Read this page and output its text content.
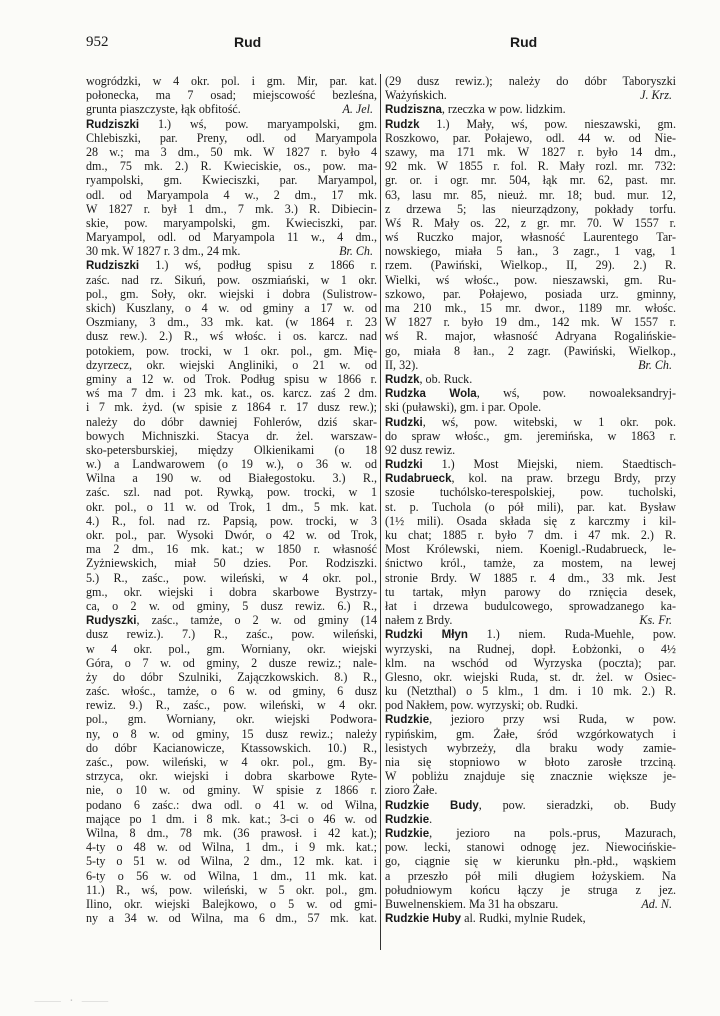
952	Rud	Rud
wogródzki, w 4 okr. pol. i gm. Mir, par. kat.
połonecka, ma 7 osad; miejscowość bezleśna,
grunta piaszczyste, łąk obfitość.	A. Jel.
Rudziszki 1.) wś, pow. maryampolski, gm.
Chlebiszki, par. Preny, odl. od Maryampola
28 w.; ma 3 dm., 50 mk. W 1827 r. było 4
dm., 75 mk. 2.) R. Kwieciskie, os., pow. ma-
ryampolski, gm. Kwieciszki, par. Maryampol,
odl. od Maryampola 4 w., 2 dm., 17 mk.
W 1827 r. był 1 dm., 7 mk. 3.) R. Dibiecin-
skie, pow. maryampolski, gm. Kwieciszki, par.
Maryampol, odl. od Maryampola 11 w., 4 dm.,
30 mk. W 1827 r. 3 dm., 24 mk.	Br. Ch.
Rudziszki 1.) wś, podług spisu z 1866 r.
zaśc. nad rz. Sikuń, pow. oszmiański, w 1 okr.
pol., gm. Soły, okr. wiejski i dobra (Sulistrow-
skich) Kuszlany, o 4 w. od gminy a 17 w. od
Oszmiany, 3 dm., 33 mk. kat. (w 1864 r. 23
dusz rew.). 2.) R., wś włośc. i os. karcz. nad
potokiem, pow. trocki, w 1 okr. pol., gm. Mię-
dzyrzecz, okr. wiejski Angliniki, o 21 w. od
gminy a 12 w. od Trok. Podług spisu w 1866 r.
wś ma 7 dm. i 23 mk. kat., os. karcz. zaś 2 dm.
i 7 mk. żyd. (w spisie z 1864 r. 17 dusz rew.);
należy do dóbr dawniej Fohlerów, dziś skar-
bowych Michniszki. Stacya dr. żel. warszaw-
sko-petersburskiej, między Olkienikami (o 18
w.) a Landwarowem (o 19 w.), o 36 w. od
Wilna a 190 w. od Białegostoku. 3.) R.,
zaśc. szl. nad pot. Rywką, pow. trocki, w 1
okr. pol., o 11 w. od Trok, 1 dm., 5 mk. kat.
4.) R., fol. nad rz. Papsią, pow. trocki, w 3
okr. pol., par. Wysoki Dwór, o 42 w. od Trok,
ma 2 dm., 16 mk. kat.; w 1850 r. własność
Zyżniewskich, miał 50 dzies. Por. Rodziszki.
5.) R., zaśc., pow. wileński, w 4 okr. pol.,
gm., okr. wiejski i dobra skarbowe Bystrzy-
ca, o 2 w. od gminy, 5 dusz rewiz. 6.) R.,
Rudyszki, zaśc., tamże, o 2 w. od gminy (14
dusz rewiz.). 7.) R., zaśc., pow. wileński,
w 4 okr. pol., gm. Worniany, okr. wiejski
Góra, o 7 w. od gminy, 2 dusze rewiz.; nale-
ży do dóbr Szulniki, Zajączkowskich. 8.) R.,
zaśc. włośc., tamże, o 6 w. od gminy, 6 dusz
rewiz. 9.) R., zaśc., pow. wileński, w 4 okr.
pol., gm. Worniany, okr. wiejski Podwora-
ny, o 8 w. od gminy, 15 dusz rewiz.; należy
do dóbr Kacianowicze, Ktassowskich. 10.) R.,
zaśc., pow. wileński, w 4 okr. pol., gm. By-
strzyca, okr. wiejski i dobra skarbowe Ryte-
nie, o 10 w. od gminy. W spisie z 1866 r.
podano 6 zaśc.: dwa odl. o 41 w. od Wilna,
mające po 1 dm. i 8 mk. kat.; 3-ci o 46 w. od
Wilna, 8 dm., 78 mk. (36 prawosł. i 42 kat.);
4-ty o 48 w. od Wilna, 1 dm., i 9 mk. kat.;
5-ty o 51 w. od Wilna, 2 dm., 12 mk. kat. i
6-ty o 56 w. od Wilna, 1 dm., 11 mk. kat.
11.) R., wś, pow. wileński, w 5 okr. pol., gm.
Ilino, okr. wiejski Balejkowo, o 5 w. od gmi-
ny a 34 w. od Wilna, ma 6 dm., 57 mk. kat.
(29 dusz rewiz.); należy do dóbr Taboryszki
Ważyńskich.	J. Krz.
Rudziszna, rzeczka w pow. lidzkim.
Rudzk 1.) Mały, wś, pow. nieszawski, gm.
Roszkowo, par. Połajewo, odl. 44 w. od Nie-
szawy, ma 171 mk. W 1827 r. było 14 dm.,
92 mk. W 1855 r. fol. R. Mały rozl. mr. 732:
gr. or. i ogr. mr. 504, łąk mr. 62, past. mr.
63, lasu mr. 85, nieuż. mr. 18; bud. mur. 12,
z drzewa 5; las nieurządzony, pokłady torfu.
Wś R. Mały os. 22, z gr. mr. 70. W 1557 r.
wś Ruczko major, własność Laurentego Tar-
nowskiego, miała 5 łan., 3 zagr., 1 vag, 1
rzem. (Pawiński, Wielkop., II, 29). 2.) R.
Wielki, wś włośc., pow. nieszawski, gm. Ru-
szkowo, par. Połajewo, posiada urz. gminny,
ma 210 mk., 15 mr. dwor., 1189 mr. włośc.
W 1827 r. było 19 dm., 142 mk. W 1557 r.
wś R. major, własność Adryana Rogalińskie-
go, miała 8 łan., 2 zagr. (Pawiński, Wielkop.,
II, 32).	Br. Ch.
Rudzk, ob. Ruck.
Rudzka Wola, wś, pow. nowoaleksandryj-
ski (puławski), gm. i par. Opole.
Rudzki, wś, pow. witebski, w 1 okr. pok.
do spraw włośc., gm. jeremińska, w 1863 r.
92 dusz rewiz.
Rudzki 1.) Most Miejski, niem. Staedtisch-
Rudabrueck, kol. na praw. brzegu Brdy, przy
szosie tuchólsko-terespolskiej, pow. tucholski,
st. p. Tuchola (o pół mili), par. kat. Bysław
(1½ mili). Osada składa się z karczmy i kil-
ku chat; 1885 r. było 7 dm. i 47 mk. 2.) R.
Most Królewski, niem. Koenigl.-Rudabrueck, le-
śnictwo król., tamże, za mostem, na lewej
stronie Brdy. W 1885 r. 4 dm., 33 mk. Jest
tu tartak, młyn parowy do rznięcia desek,
łat i drzewa budulcowego, sprowadzanego ka-
nałem z Brdy.	Ks. Fr.
Rudzki Młyn 1.) niem. Ruda-Muehle, pow.
wyrzyski, na Rudnej, dopł. Łobżonki, o 4½
klm. na wschód od Wyrzyska (poczta); par.
Glesno, okr. wiejski Ruda, st. dr. żel. w Osiec-
ku (Netzthal) o 5 klm., 1 dm. i 10 mk. 2.) R.
pod Nakłem, pow. wyrzyski; ob. Rudki.
Rudzkie, jezioro przy wsi Ruda, w pow.
rypińskim, gm. Żałe, śród wzgórkowatych i
lesistych wybrzeży, dla braku wody zamie-
nia się stopniowo w błoto zarosłe trzciną.
W pobliżu znajduje się znacznie większe je-
zioro Żałe.
Rudzkie Budy, pow. sieradzki, ob. Budy
Rudzkie.
Rudzkie, jezioro na pols.-prus, Mazurach,
pow. lecki, stanowi odnogę jez. Niewocińskie-
go, ciągnie się w kierunku płn.-płd., wąskiem
a przeszło pół mili długiem łożyskiem. Na
południowym końcu łączy je struga z jez.
Buwelnenskiem. Ma 31 ha obszaru.	Ad. N.
Rudzkie Huby al. Rudki, mylnie Rudek,
⸻ · ⸻
